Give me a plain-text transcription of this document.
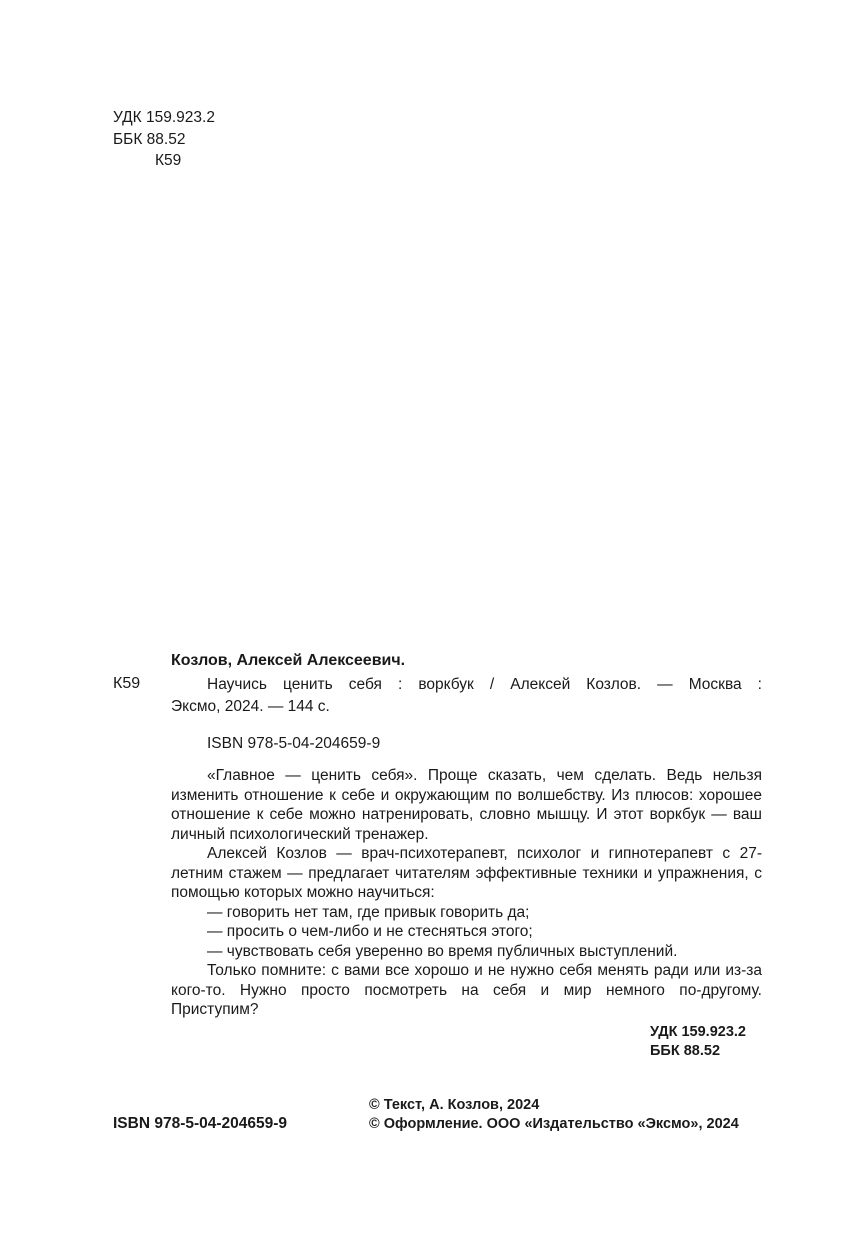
УДК 159.923.2
ББК 88.52
К59
Козлов, Алексей Алексеевич.
К59	Научись ценить себя : воркбук / Алексей Козлов. — Москва :
Эксмо, 2024. — 144 с.
ISBN 978-5-04-204659-9

«Главное — ценить себя». Проще сказать, чем сделать. Ведь нельзя изменить отношение к себе и окружающим по волшебству. Из плюсов: хорошее отношение к себе можно натренировать, словно мышцу. И этот воркбук — ваш личный психологический тренажер.

Алексей Козлов — врач-психотерапевт, психолог и гипнотерапевт с 27-летним стажем — предлагает читателям эффективные техники и упражнения, с помощью которых можно научиться:

— говорить нет там, где привык говорить да;

— просить о чем-либо и не стесняться этого;

— чувствовать себя уверенно во время публичных выступлений.

Только помните: с вами все хорошо и не нужно себя менять ради или из-за кого-то. Нужно просто посмотреть на себя и мир немного по-другому. Приступим?

УДК 159.923.2
ББК 88.52
ISBN 978-5-04-204659-9
© Текст, А. Козлов, 2024
© Оформление. ООО «Издательство «Эксмо», 2024
